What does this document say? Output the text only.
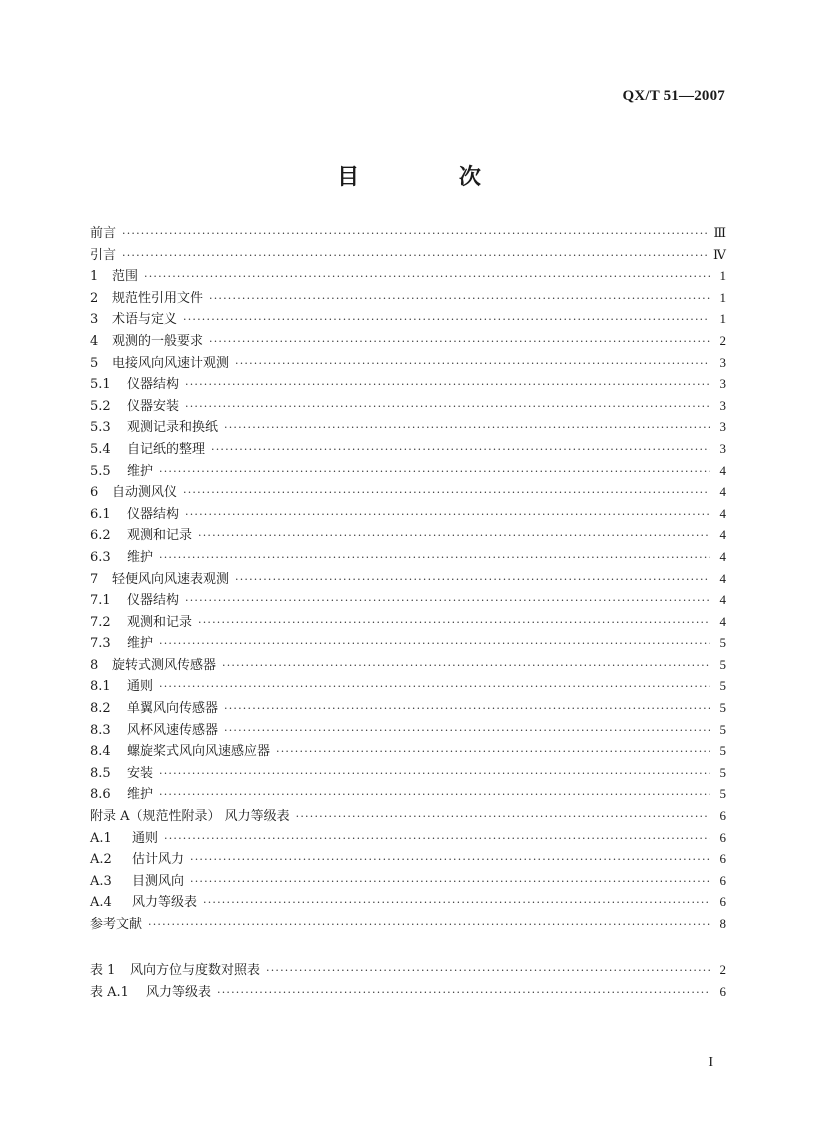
QX/T 51—2007
目 次
前言 ·····	Ⅲ
引言 ·····	Ⅳ
1	范围 ·····	1
2	规范性引用文件 ·····	1
3	术语与定义 ·····	1
4	观测的一般要求 ·····	2
5	电接风向风速计观测 ·····	3
5.1	仪器结构 ·····	3
5.2	仪器安装 ·····	3
5.3	观测记录和换纸 ·····	3
5.4	自记纸的整理 ·····	3
5.5	维护 ·····	4
6	自动测风仪 ·····	4
6.1	仪器结构 ·····	4
6.2	观测和记录 ·····	4
6.3	维护 ·····	4
7	轻便风向风速表观测 ·····	4
7.1	仪器结构 ·····	4
7.2	观测和记录 ·····	4
7.3	维护 ·····	5
8	旋转式测风传感器 ·····	5
8.1	通则 ·····	5
8.2	单翼风向传感器 ·····	5
8.3	风杯风速传感器 ·····	5
8.4	螺旋桨式风向风速感应器 ·····	5
8.5	安装 ·····	5
8.6	维护 ·····	5
附录 A（规范性附录） 风力等级表 ·····	6
A.1	通则 ·····	6
A.2	估计风力 ·····	6
A.3	目测风向 ·····	6
A.4	风力等级表 ·····	6
参考文献 ·····	8
表 1	风向方位与度数对照表 ·····	2
表 A.1	风力等级表 ·····	6
I
